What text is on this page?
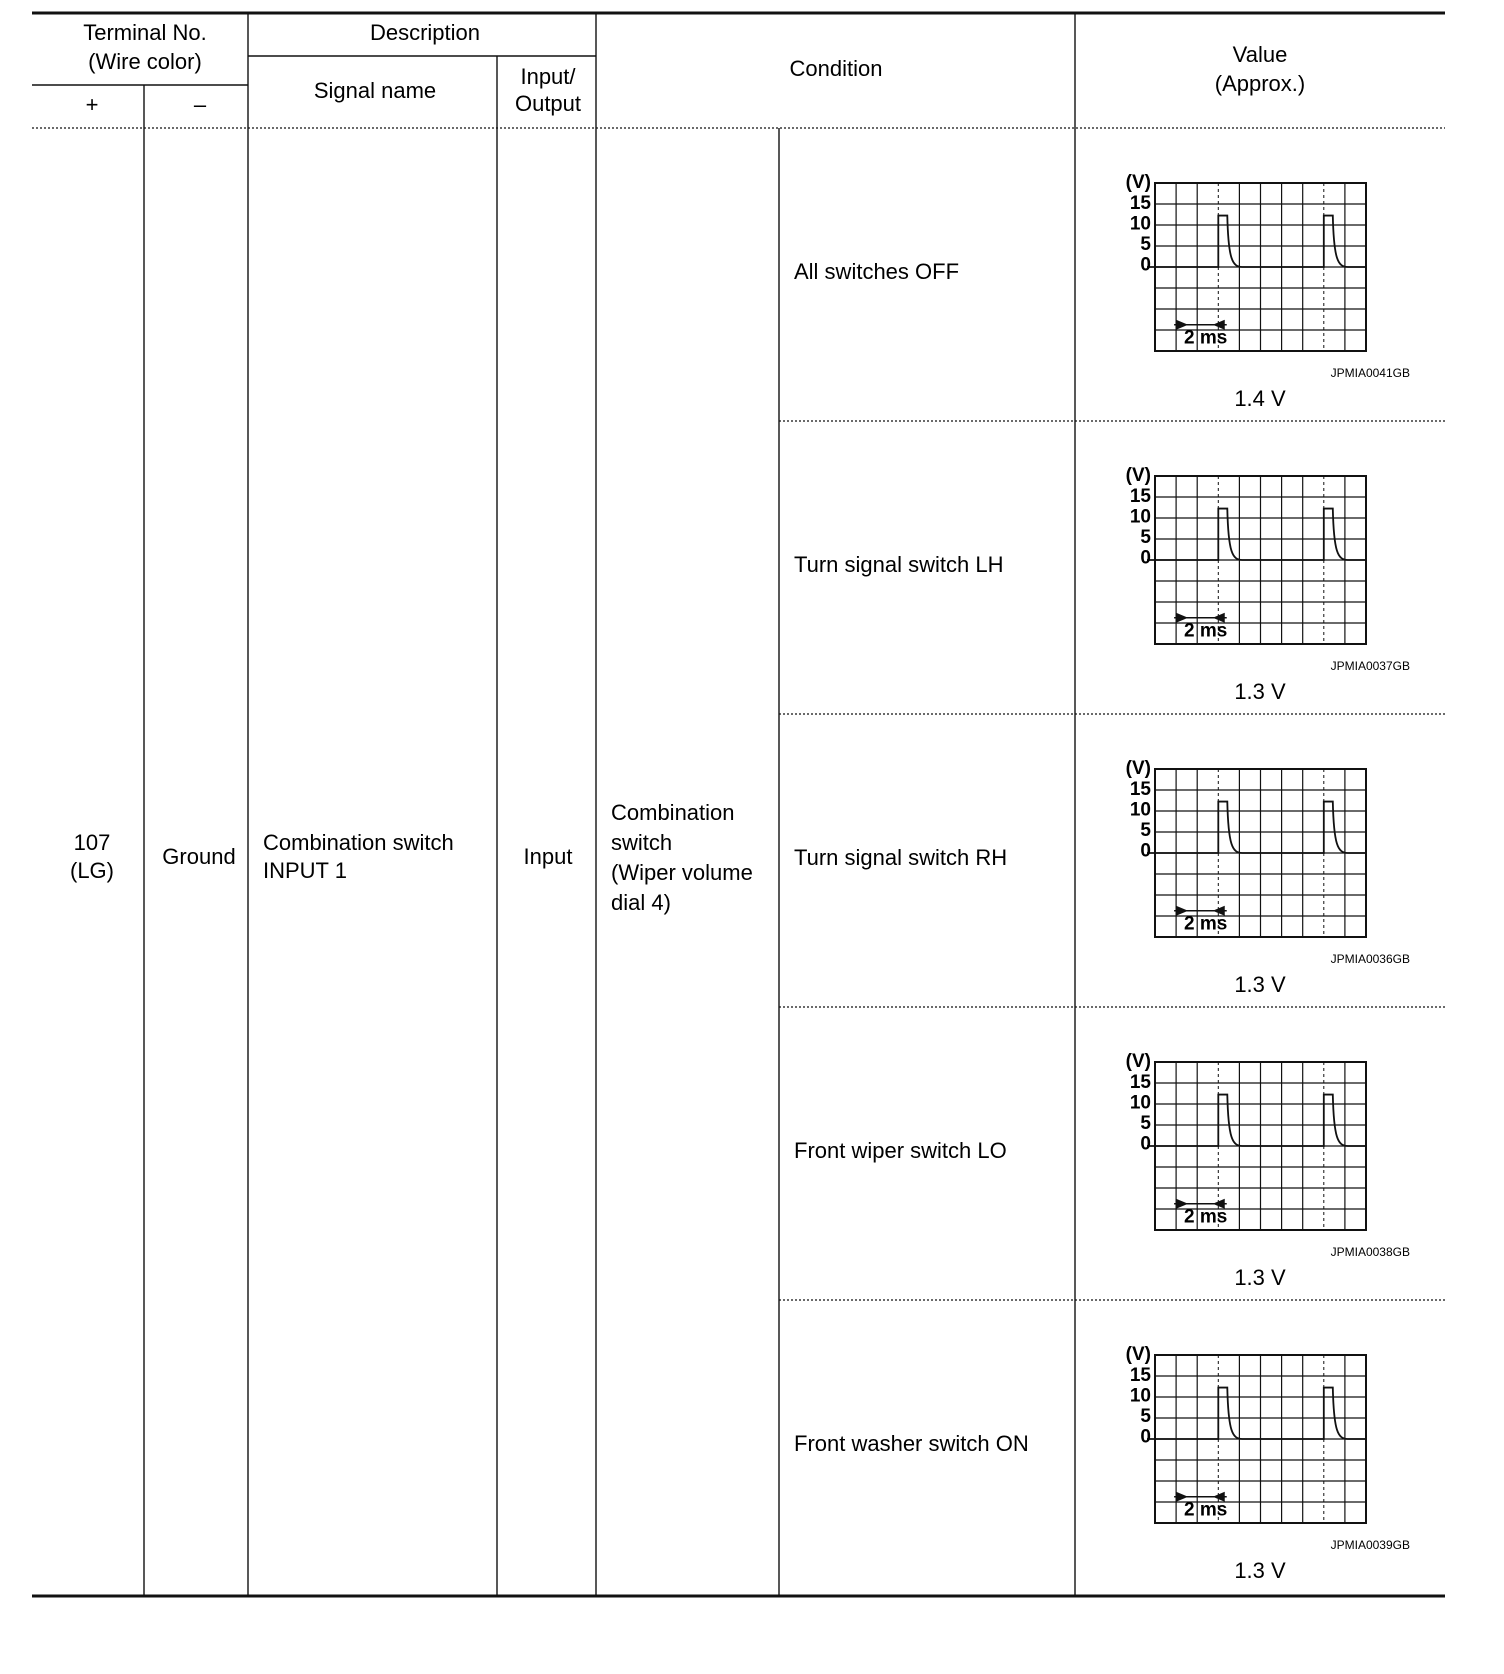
Terminal No.
(Wire color)
+	–
Description
Signal name
Input/
Output
Condition
Value
(Approx.)
107
(LG)
Ground
Combination switch
INPUT 1
Input
Combination
switch
(Wiper volume
dial 4)
All switches OFF
2 ms
(V)
15
10
5
0
JPMIA0041GB
1.4 V
Turn signal switch LH
2 ms
(V)
15
10
5
0
JPMIA0037GB
1.3 V
Turn signal switch RH
2 ms
(V)
15
10
5
0
JPMIA0036GB
1.3 V
Front wiper switch LO
2 ms
(V)
15
10
5
0
JPMIA0038GB
1.3 V
Front washer switch ON
2 ms
(V)
15
10
5
0
JPMIA0039GB
1.3 V
